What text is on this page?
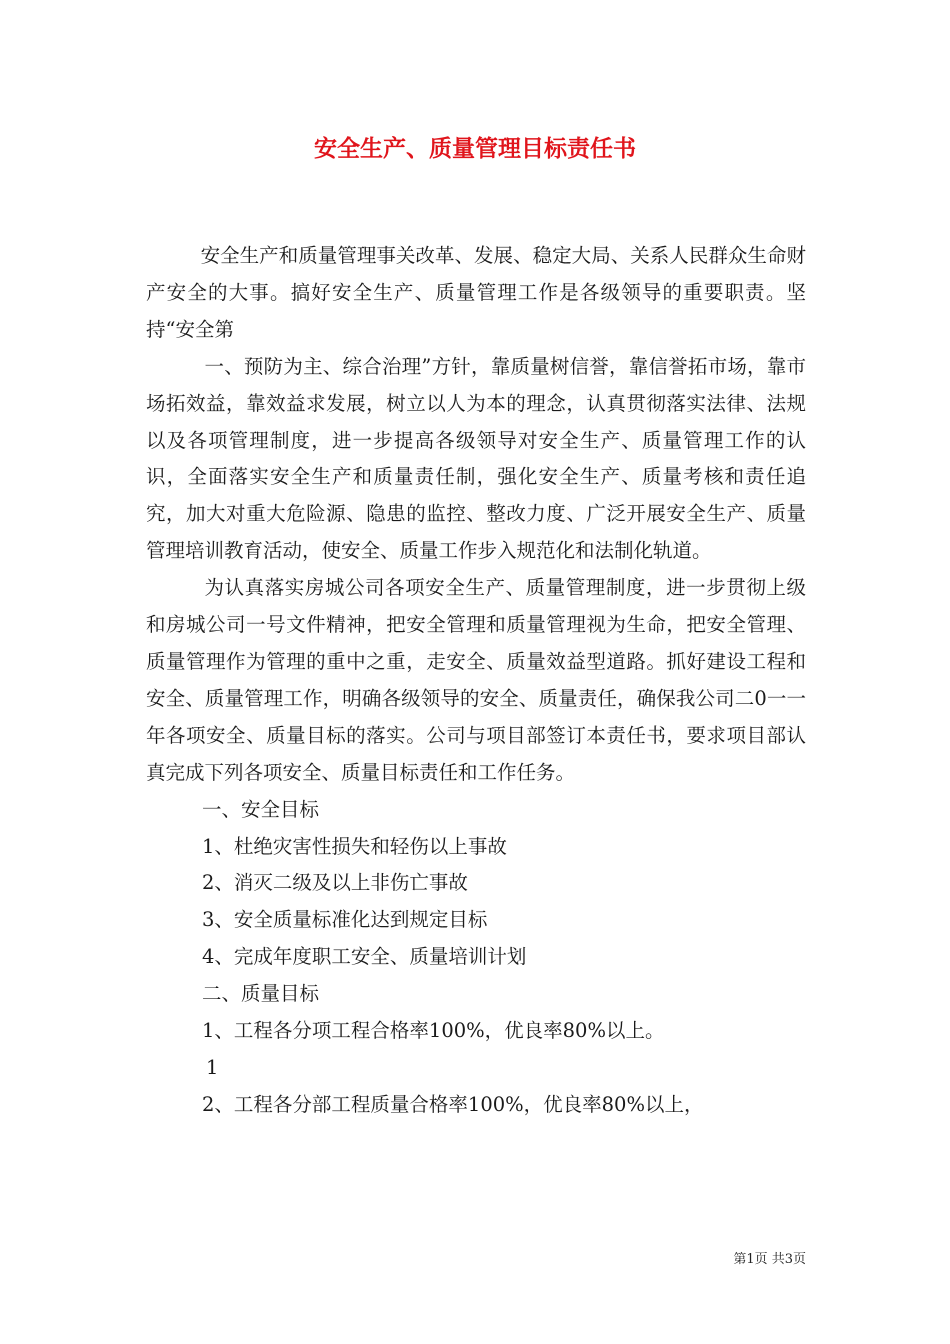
安全生产、质量管理目标责任书

安全生产和质量管理事关改革、发展、稳定大局、关系人民群众生命财产安全的大事。搞好安全生产、质量管理工作是各级领导的重要职责。坚持“安全第

一、预防为主、综合治理”方针，靠质量树信誉，靠信誉拓市场，靠市场拓效益，靠效益求发展，树立以人为本的理念，认真贯彻落实法律、法规以及各项管理制度，进一步提高各级领导对安全生产、质量管理工作的认识，全面落实安全生产和质量责任制，强化安全生产、质量考核和责任追究，加大对重大危险源、隐患的监控、整改力度、广泛开展安全生产、质量管理培训教育活动，使安全、质量工作步入规范化和法制化轨道。

为认真落实房城公司各项安全生产、质量管理制度，进一步贯彻上级和房城公司一号文件精神，把安全管理和质量管理视为生命，把安全管理、质量管理作为管理的重中之重，走安全、质量效益型道路。抓好建设工程和安全、质量管理工作，明确各级领导的安全、质量责任，确保我公司二0一一年各项安全、质量目标的落实。公司与项目部签订本责任书，要求项目部认真完成下列各项安全、质量目标责任和工作任务。

一、安全目标

1、杜绝灾害性损失和轻伤以上事故

2、消灭二级及以上非伤亡事故

3、安全质量标准化达到规定目标

4、完成年度职工安全、质量培训计划

二、质量目标

1、工程各分项工程合格率100%，优良率80%以上。

1

2、工程各分部工程质量合格率100%，优良率80%以上，

第1页 共3页
